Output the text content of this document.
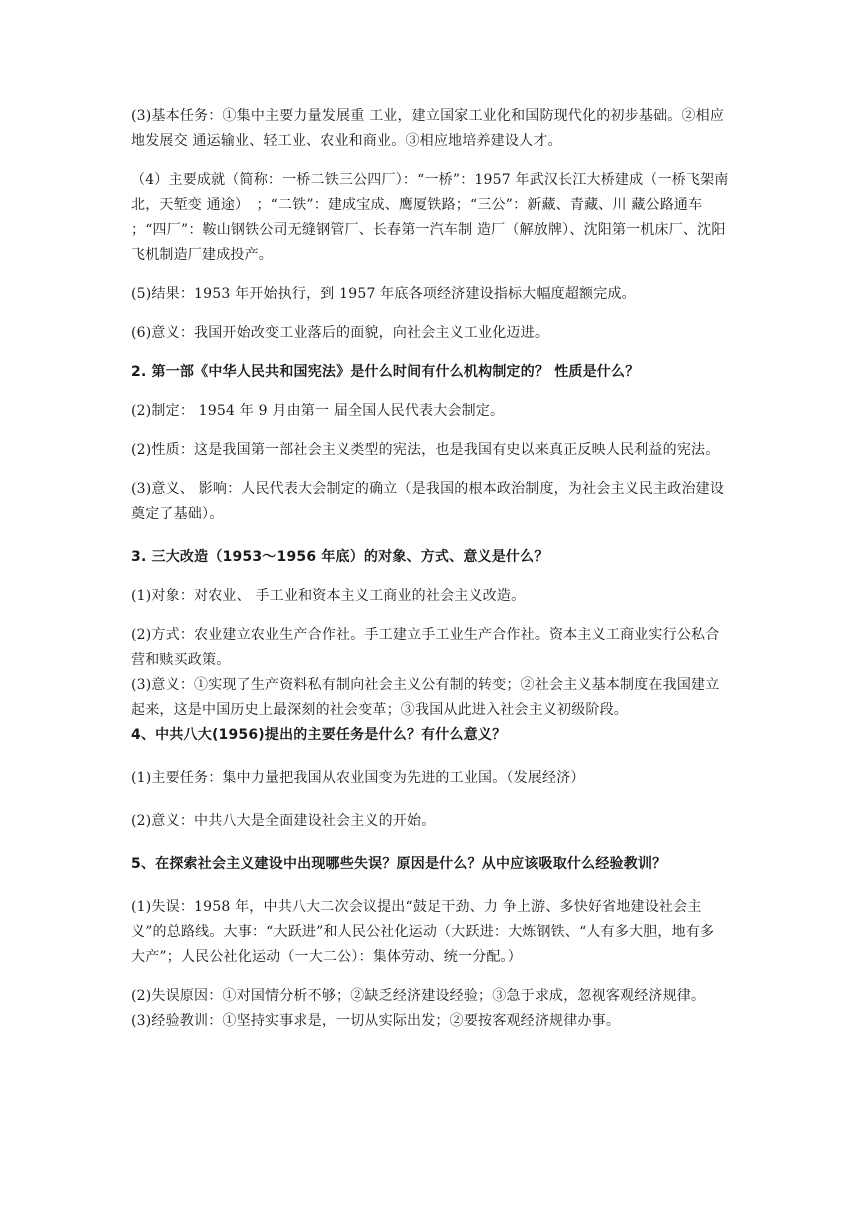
(3)基本任务：①集中主要力量发展重 工业，建立国家工业化和国防现代化的初步基础。②相应地发展交 通运输业、轻工业、农业和商业。③相应地培养建设人才。

（4）主要成就（简称：一桥二铁三公四厂）：“一桥”：1957 年武汉长江大桥建成（一桥飞架南北，天堑变 通途）　；“二铁”：建成宝成、鹰厦铁路；“三公”：新藏、青藏、川 藏公路通车 ；“四厂”：鞍山钢铁公司无缝钢管厂、长春第一汽车制 造厂（解放牌）、沈阳第一机床厂、沈阳飞机制造厂建成投产。

(5)结果：1953 年开始执行，到 1957 年底各项经济建设指标大幅度超额完成。

(6)意义：我国开始改变工业落后的面貌，向社会主义工业化迈进。

2. 第一部《中华人民共和国宪法》是什么时间有什么机构制定的？ 性质是什么？

(2)制定： 1954 年 9 月由第一 届全国人民代表大会制定。

(2)性质：这是我国第一部社会主义类型的宪法，也是我国有史以来真正反映人民利益的宪法。

(3)意义、 影响：人民代表大会制定的确立（是我国的根本政治制度，为社会主义民主政治建设奠定了基础）。

3. 三大改造（1953～1956 年底）的对象、方式、意义是什么？

(1)对象：对农业、 手工业和资本主义工商业的社会主义改造。

(2)方式：农业建立农业生产合作社。手工建立手工业生产合作社。资本主义工商业实行公私合营和赎买政策。

(3)意义：①实现了生产资料私有制向社会主义公有制的转变；②社会主义基本制度在我国建立起来，这是中国历史上最深刻的社会变革；③我国从此进入社会主义初级阶段。

4、中共八大(1956)提出的主要任务是什么？有什么意义？

(1)主要任务：集中力量把我国从农业国变为先进的工业国。（发展经济）

(2)意义：中共八大是全面建设社会主义的开始。

5、在探索社会主义建设中出现哪些失误？原因是什么？从中应该吸取什么经验教训？

(1)失误：1958 年，中共八大二次会议提出“鼓足干劲、力 争上游、多快好省地建设社会主义”的总路线。大事：“大跃进”和人民公社化运动（大跃进：大炼钢铁、“人有多大胆，地有多 大产”；人民公社化运动（一大二公）：集体劳动、统一分配。）

(2)失误原因：①对国情分析不够；②缺乏经济建设经验；③急于求成，忽视客观经济规律。

(3)经验教训：①坚持实事求是，一切从实际出发；②要按客观经济规律办事。
